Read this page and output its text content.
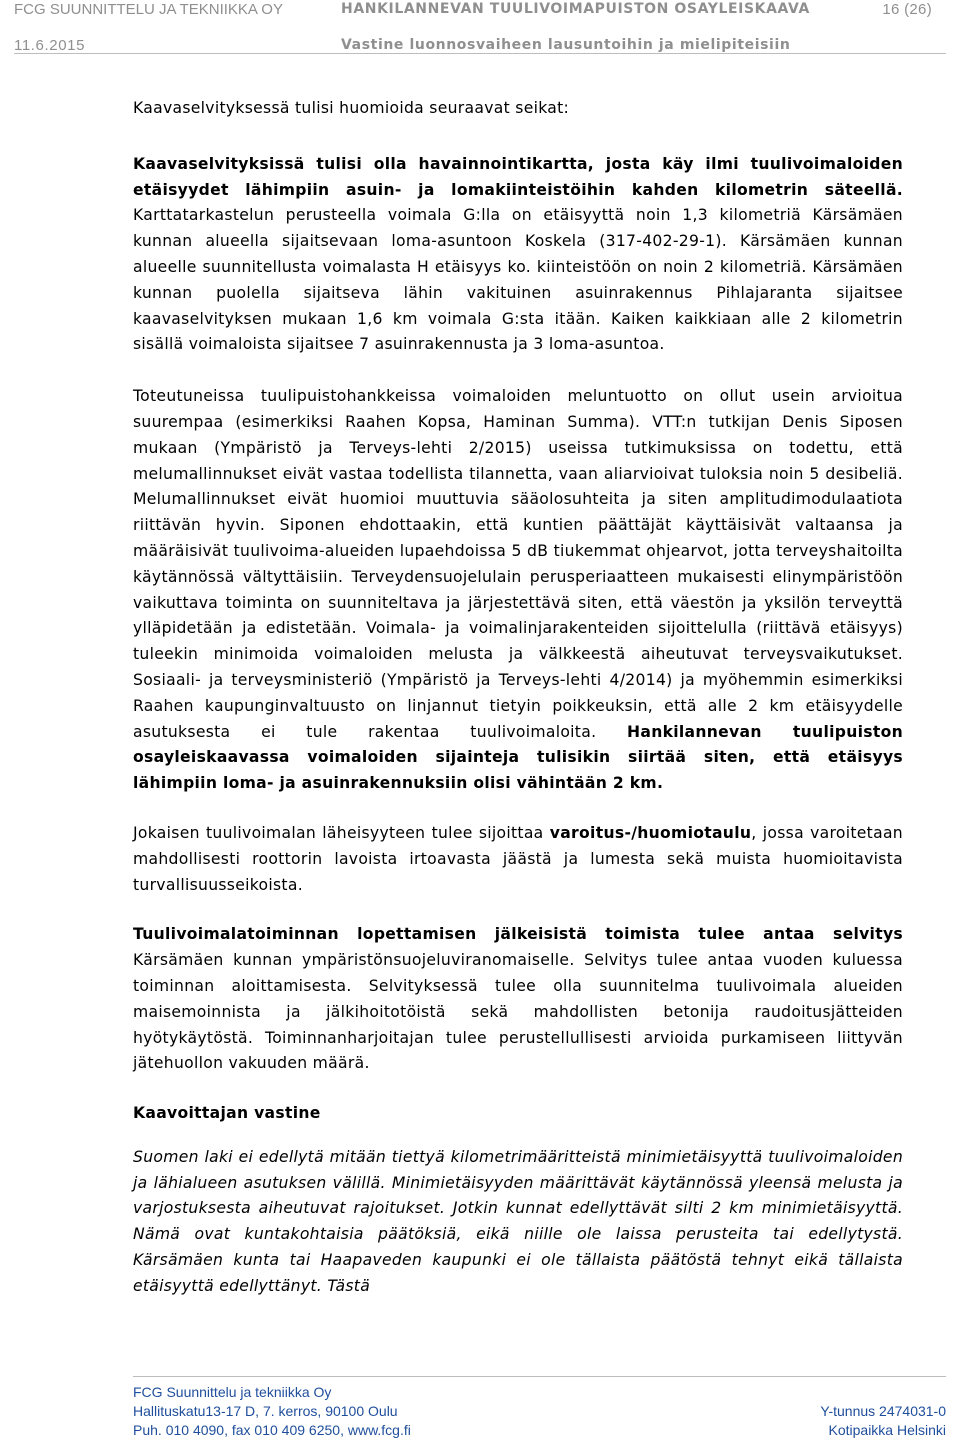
FCG SUUNNITTELU JA TEKNIIKKA OY	HANKILANNEVAN TUULIVOIMAPUISTON OSAYLEISKAAVA	16 (26)
11.6.2015	Vastine luonnosvaiheen lausuntoihin ja mielipiteisiin

Kaavaselvityksessä tulisi huomioida seuraavat seikat:

Kaavaselvityksissä tulisi olla havainnointikartta, josta käy ilmi tuulivoimaloiden etäisyydet lähimpiin asuin- ja lomakiinteistöihin kahden kilometrin säteellä. Karttatarkastelun perusteella voimala G:lla on etäisyyttä noin 1,3 kilometriä Kärsämäen kunnan alueella sijaitsevaan loma-asuntoon Koskela (317-402-29-1). Kärsämäen kunnan alueelle suunnitellusta voimalasta H etäisyys ko. kiinteistöön on noin 2 kilometriä. Kärsämäen kunnan puolella sijaitseva lähin vakituinen asuinrakennus Pihlajaranta sijaitsee kaavaselvityksen mukaan 1,6 km voimala G:sta itään. Kaiken kaikkiaan alle 2 kilometrin sisällä voimaloista sijaitsee 7 asuinrakennusta ja 3 loma-asuntoa.

Toteutuneissa tuulipuistohankkeissa voimaloiden meluntuotto on ollut usein arvioitua suurempaa (esimerkiksi Raahen Kopsa, Haminan Summa). VTT:n tutkijan Denis Siposen mukaan (Ympäristö ja Terveys-lehti 2/2015) useissa tutkimuksissa on todettu, että melumallinnukset eivät vastaa todellista tilannetta, vaan aliarvioivat tuloksia noin 5 desibeliä. Melumallinnukset eivät huomioi muuttuvia sääolosuhteita ja siten amplitudimodulaatiota riittävän hyvin. Siponen ehdottaakin, että kuntien päättäjät käyttäisivät valtaansa ja määräisivät tuulivoima-alueiden lupaehdoissa 5 dB tiukemmat ohjearvot, jotta terveyshaitoilta käytännössä vältyttäisiin. Terveydensuojelulain perusperiaatteen mukaisesti elinympäristöön vaikuttava toiminta on suunniteltava ja järjestettävä siten, että väestön ja yksilön terveyttä ylläpidetään ja edistetään. Voimala- ja voimalinjarakenteiden sijoittelulla (riittävä etäisyys) tuleekin minimoida voimaloiden melusta ja välkkeestä aiheutuvat terveysvaikutukset. Sosiaali- ja terveysministeriö (Ympäristö ja Terveys-lehti 4/2014) ja myöhemmin esimerkiksi Raahen kaupunginvaltuusto on linjannut tietyin poikkeuksin, että alle 2 km etäisyydelle asutuksesta ei tule rakentaa tuulivoimaloita. Hankilannevan tuulipuiston osayleiskaavassa voimaloiden sijainteja tulisikin siirtää siten, että etäisyys lähimpiin loma- ja asuinrakennuksiin olisi vähintään 2 km.

Jokaisen tuulivoimalan läheisyyteen tulee sijoittaa varoitus-/huomiotaulu, jossa varoitetaan mahdollisesti roottorin lavoista irtoavasta jäästä ja lumesta sekä muista huomioitavista turvallisuusseikoista.

Tuulivoimalatoiminnan lopettamisen jälkeisistä toimista tulee antaa selvitys Kärsämäen kunnan ympäristönsuojeluviranomaiselle. Selvitys tulee antaa vuoden kuluessa toiminnan aloittamisesta. Selvityksessä tulee olla suunnitelma tuulivoimala alueiden maisemoinnista ja jälkihoitotöistä sekä mahdollisten betonija raudoitusjätteiden hyötykäytöstä. Toiminnanharjoitajan tulee perustellullisesti arvioida purkamiseen liittyvän jätehuollon vakuuden määrä.

Kaavoittajan vastine

Suomen laki ei edellytä mitään tiettyä kilometrimääritteistä minimietäisyyttä tuulivoimaloiden ja lähialueen asutuksen välillä. Minimietäisyyden määrittävät käytännössä yleensä melusta ja varjostuksesta aiheutuvat rajoitukset. Jotkin kunnat edellyttävät silti 2 km minimietäisyyttä. Nämä ovat kuntakohtaisia päätöksiä, eikä niille ole laissa perusteita tai edellytystä. Kärsämäen kunta tai Haapaveden kaupunki ei ole tällaista päätöstä tehnyt eikä tällaista etäisyyttä edellyttänyt. Tästä

FCG Suunnittelu ja tekniikka Oy
Hallituskatu13-17 D, 7. kerros, 90100 Oulu
Puh. 010 4090, fax 010 409 6250, www.fcg.fi
Y-tunnus 2474031-0
Kotipaikka Helsinki
